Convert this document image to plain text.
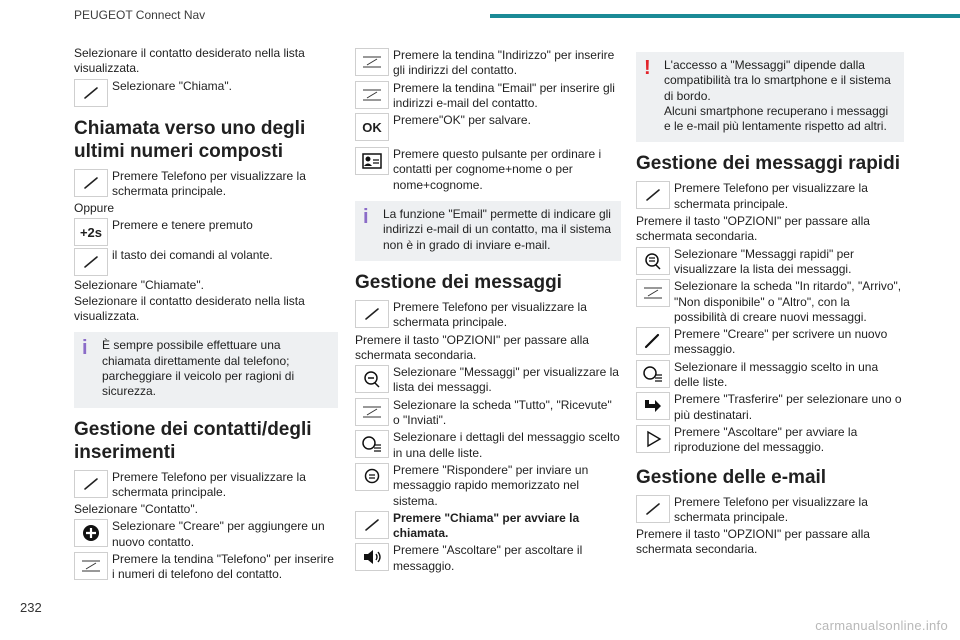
PEUGEOT Connect Nav

Selezionare il contatto desiderato nella lista visualizzata.

Selezionare "Chiama".
Chiamata verso uno degli ultimi numeri composti
Premere Telefono per visualizzare la schermata principale.

Oppure

+2s Premere e tenere premuto
il tasto dei comandi al volante.

Selezionare "Chiamate".
Selezionare il contatto desiderato nella lista visualizzata.

i	È sempre possibile effettuare una chiamata direttamente dal telefono; parcheggiare il veicolo per ragioni di sicurezza.
Gestione dei contatti/degli inserimenti
Premere Telefono per visualizzare la schermata principale.

Selezionare "Contatto".

Selezionare "Creare" per aggiungere un nuovo contatto.
Premere la tendina "Telefono" per inserire i numeri di telefono del contatto.
Premere la tendina "Indirizzo" per inserire gli indirizzi del contatto.
Premere la tendina "Email" per inserire gli indirizzi e-mail del contatto.
OK Premere"OK" per salvare.
Premere questo pulsante per ordinare i contatti per cognome+nome o per nome+cognome.
i	La funzione "Email" permette di indicare gli indirizzi e-mail di un contatto, ma il sistema non è in grado di inviare e-mail.
Gestione dei messaggi
Premere Telefono per visualizzare la schermata principale.

Premere il tasto "OPZIONI" per passare alla schermata secondaria.

Selezionare "Messaggi" per visualizzare la lista dei messaggi.
Selezionare la scheda "Tutto", "Ricevute" o "Inviati".
Selezionare i dettagli del messaggio scelto in una delle liste.
Premere "Rispondere" per inviare un messaggio rapido memorizzato nel sistema.
Premere "Chiama" per avviare la chiamata.
Premere "Ascoltare" per ascoltare il messaggio.
!	L'accesso a "Messaggi" dipende dalla compatibilità tra lo smartphone e il sistema di bordo.
Alcuni smartphone recuperano i messaggi e le e-mail più lentamente rispetto ad altri.
Gestione dei messaggi rapidi
Premere Telefono per visualizzare la schermata principale.

Premere il tasto "OPZIONI" per passare alla schermata secondaria.

Selezionare "Messaggi rapidi" per visualizzare la lista dei messaggi.
Selezionare la scheda "In ritardo", "Arrivo", "Non disponibile" o "Altro", con la possibilità di creare nuovi messaggi.
Premere "Creare" per scrivere un nuovo messaggio.
Selezionare il messaggio scelto in una delle liste.
Premere "Trasferire" per selezionare uno o più destinatari.
Premere "Ascoltare" per avviare la riproduzione del messaggio.
Gestione delle e-mail
Premere Telefono per visualizzare la schermata principale.

Premere il tasto "OPZIONI" per passare alla schermata secondaria.

232
carmanualsonline.info
